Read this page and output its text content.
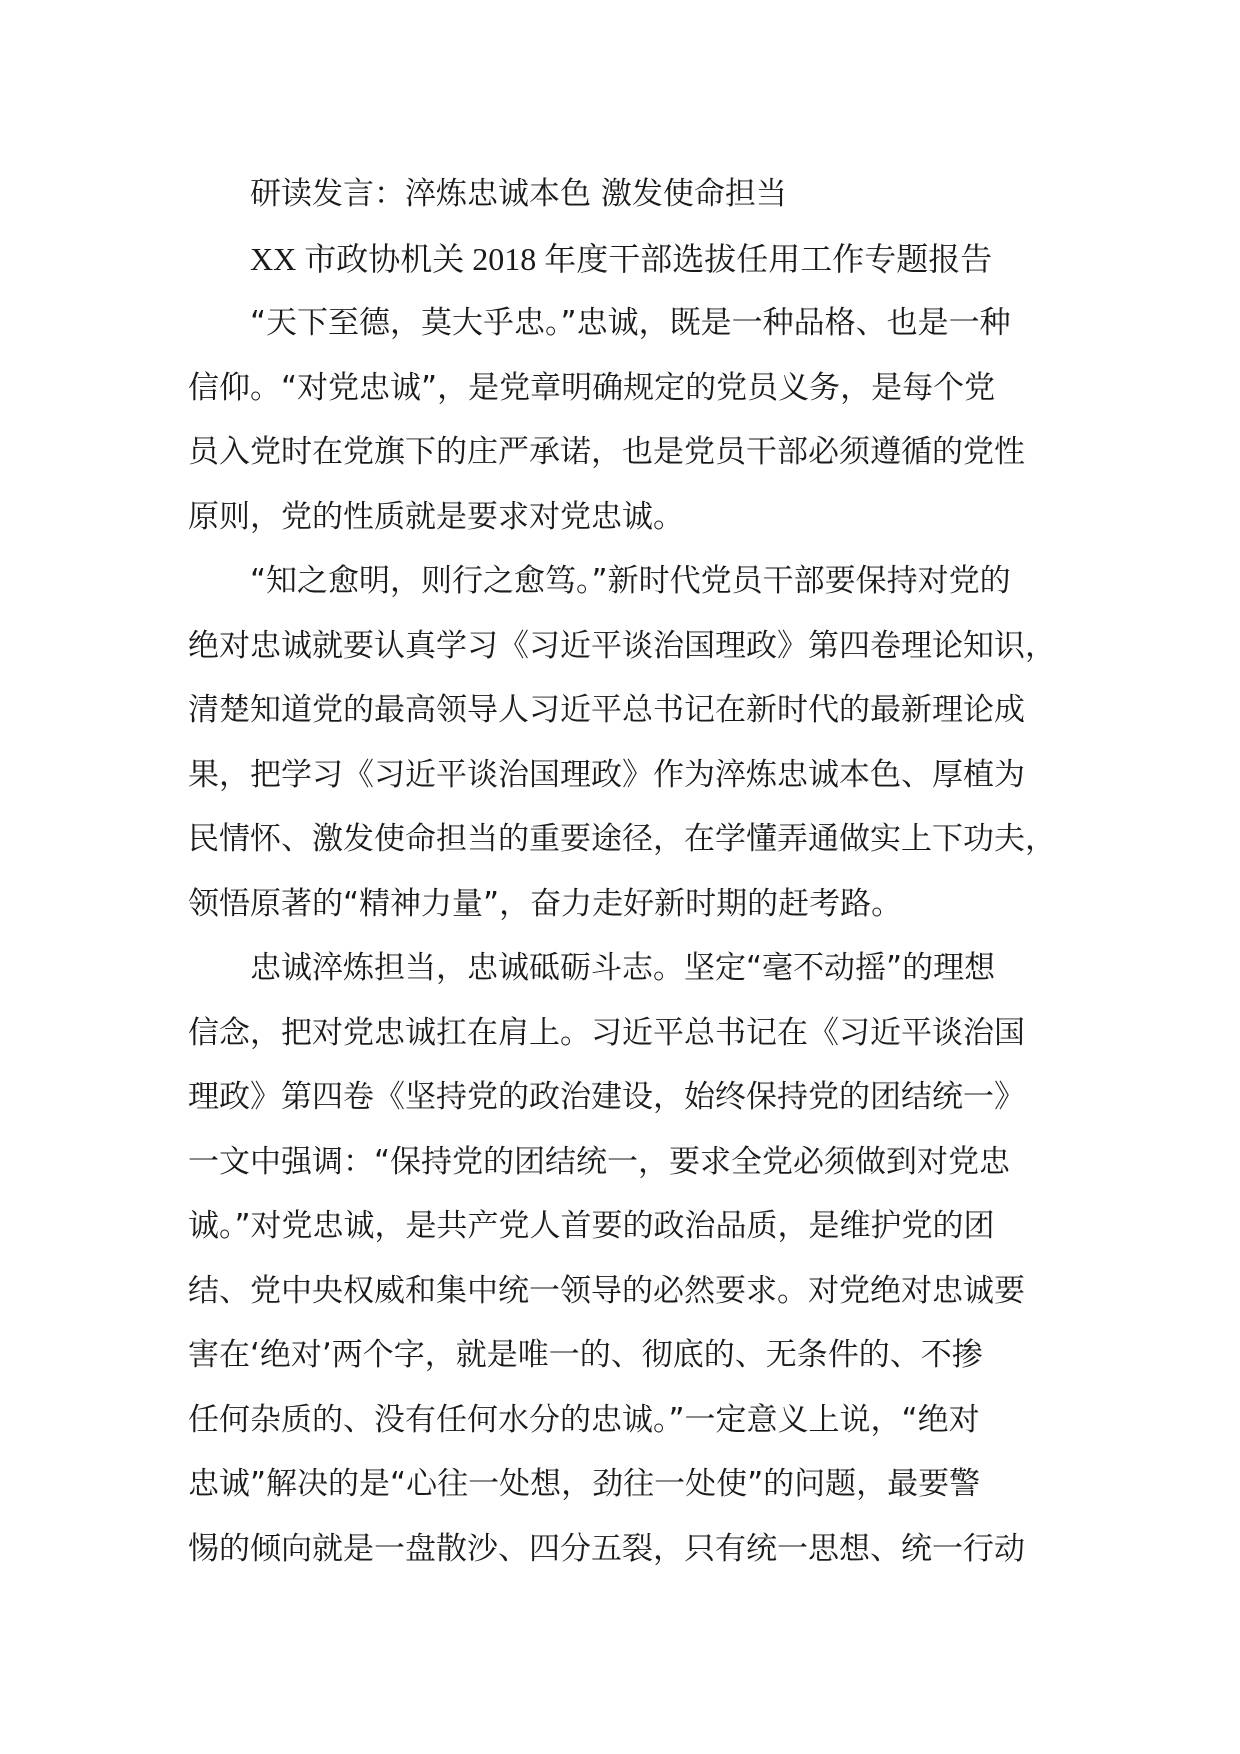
研读发言：淬炼忠诚本色 激发使命担当
XX 市政协机关 2018 年度干部选拔任用工作专题报告
“天下至德，莫大乎忠。”忠诚，既是一种品格、也是一种
信仰。“对党忠诚”，是党章明确规定的党员义务，是每个党
员入党时在党旗下的庄严承诺，也是党员干部必须遵循的党性
原则，党的性质就是要求对党忠诚。
“知之愈明，则行之愈笃。”新时代党员干部要保持对党的
绝对忠诚就要认真学习《习近平谈治国理政》第四卷理论知识，
清楚知道党的最高领导人习近平总书记在新时代的最新理论成
果，把学习《习近平谈治国理政》作为淬炼忠诚本色、厚植为
民情怀、激发使命担当的重要途径，在学懂弄通做实上下功夫，
领悟原著的“精神力量”，奋力走好新时期的赶考路。
忠诚淬炼担当，忠诚砥砺斗志。坚定“毫不动摇”的理想
信念，把对党忠诚扛在肩上。习近平总书记在《习近平谈治国
理政》第四卷《坚持党的政治建设，始终保持党的团结统一》
一文中强调：“保持党的团结统一，要求全党必须做到对党忠
诚。”对党忠诚，是共产党人首要的政治品质，是维护党的团
结、党中央权威和集中统一领导的必然要求。对党绝对忠诚要
害在‘绝对’两个字，就是唯一的、彻底的、无条件的、不掺
任何杂质的、没有任何水分的忠诚。”一定意义上说，“绝对
忠诚”解决的是“心往一处想，劲往一处使”的问题，最要警
惕的倾向就是一盘散沙、四分五裂，只有统一思想、统一行动
